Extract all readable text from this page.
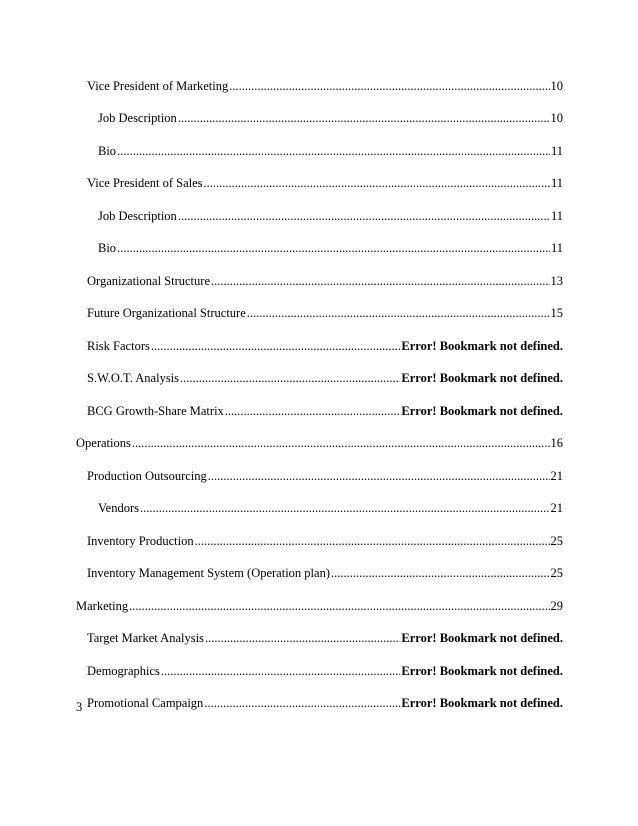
Vice President of Marketing .....	10
Job Description .....	10
Bio .....	11
Vice President of Sales .....	11
Job Description .....	11
Bio .....	11
Organizational Structure .....	13
Future Organizational Structure .....	15
Risk Factors .....	Error! Bookmark not defined.
S.W.O.T. Analysis .....	Error! Bookmark not defined.
BCG Growth-Share Matrix .....	Error! Bookmark not defined.
Operations .....	16
Production Outsourcing .....	21
Vendors .....	21
Inventory Production .....	25
Inventory Management System (Operation plan) .....	25
Marketing .....	29
Target Market Analysis .....	Error! Bookmark not defined.
Demographics .....	Error! Bookmark not defined.
Promotional Campaign .....	Error! Bookmark not defined.
3
